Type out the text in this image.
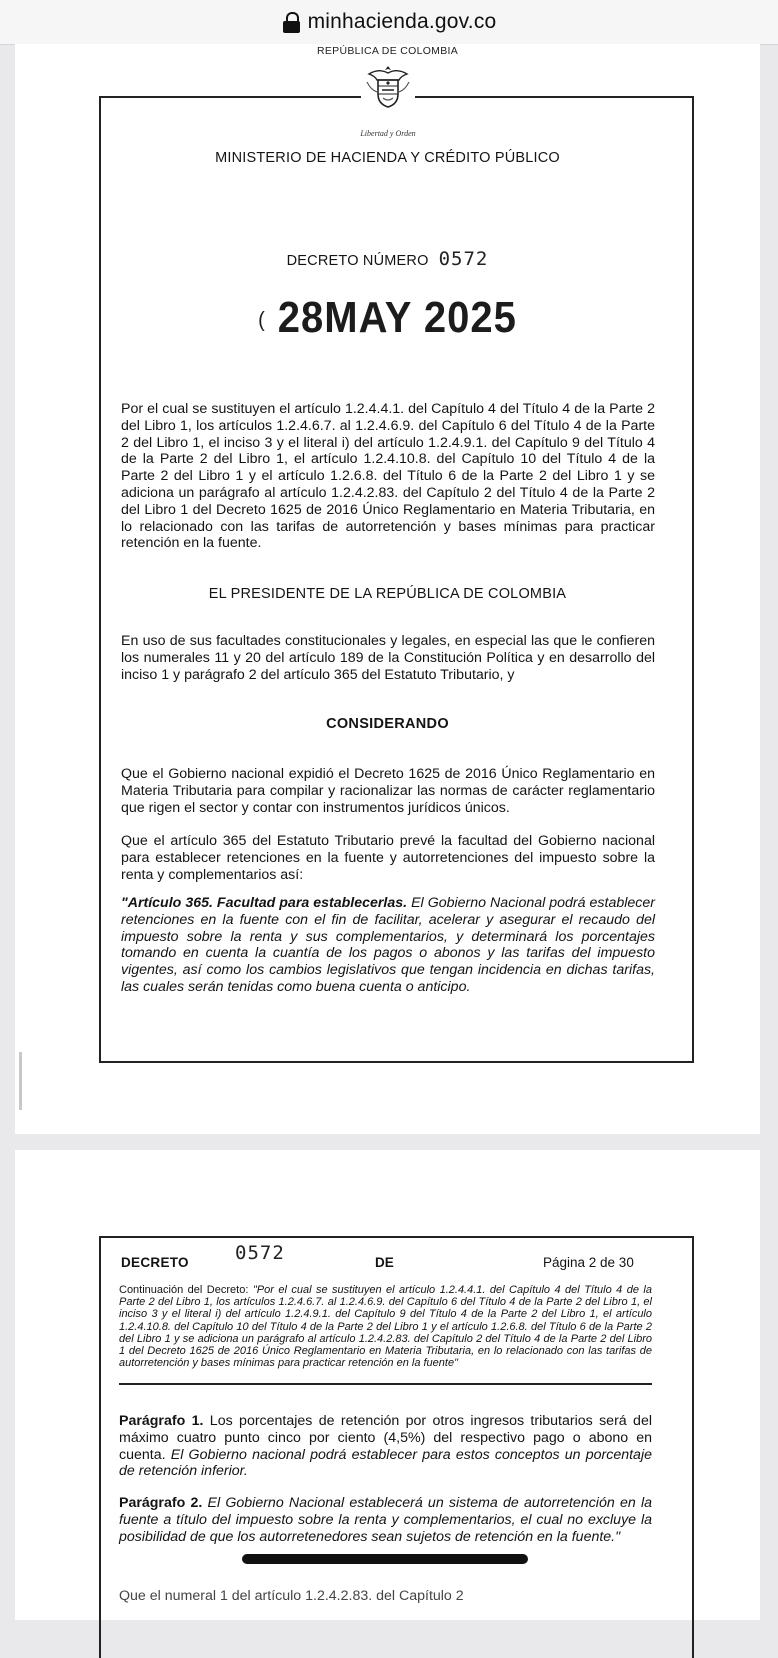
minhacienda.gov.co

REPÚBLICA DE COLOMBIA

Libertad y Orden

MINISTERIO DE HACIENDA Y CRÉDITO PÚBLICO

DECRETO NÚMERO 0572

( 28MAY 2025

Por el cual se sustituyen el artículo 1.2.4.4.1. del Capítulo 4 del Título 4 de la Parte 2 del Libro 1, los artículos 1.2.4.6.7. al 1.2.4.6.9. del Capítulo 6 del Título 4 de la Parte 2 del Libro 1, el inciso 3 y el literal i) del artículo 1.2.4.9.1. del Capítulo 9 del Título 4 de la Parte 2 del Libro 1, el artículo 1.2.4.10.8. del Capítulo 10 del Título 4 de la Parte 2 del Libro 1 y el artículo 1.2.6.8. del Título 6 de la Parte 2 del Libro 1 y se adiciona un parágrafo al artículo 1.2.4.2.83. del Capítulo 2 del Título 4 de la Parte 2 del Libro 1 del Decreto 1625 de 2016 Único Reglamentario en Materia Tributaria, en lo relacionado con las tarifas de autorretención y bases mínimas para practicar retención en la fuente.

EL PRESIDENTE DE LA REPÚBLICA DE COLOMBIA

En uso de sus facultades constitucionales y legales, en especial las que le confieren los numerales 11 y 20 del artículo 189 de la Constitución Política y en desarrollo del inciso 1 y parágrafo 2 del artículo 365 del Estatuto Tributario, y

CONSIDERANDO

Que el Gobierno nacional expidió el Decreto 1625 de 2016 Único Reglamentario en Materia Tributaria para compilar y racionalizar las normas de carácter reglamentario que rigen el sector y contar con instrumentos jurídicos únicos.

Que el artículo 365 del Estatuto Tributario prevé la facultad del Gobierno nacional para establecer retenciones en la fuente y autorretenciones del impuesto sobre la renta y complementarios así:

"Artículo 365. Facultad para establecerlas. El Gobierno Nacional podrá establecer retenciones en la fuente con el fin de facilitar, acelerar y asegurar el recaudo del impuesto sobre la renta y sus complementarios, y determinará los porcentajes tomando en cuenta la cuantía de los pagos o abonos y las tarifas del impuesto vigentes, así como los cambios legislativos que tengan incidencia en dichas tarifas, las cuales serán tenidas como buena cuenta o anticipo.

DECRETO 0572	DE	Página 2 de 30

Continuación del Decreto: "Por el cual se sustituyen el artículo 1.2.4.4.1. del Capítulo 4 del Título 4 de la Parte 2 del Libro 1, los artículos 1.2.4.6.7. al 1.2.4.6.9. del Capítulo 6 del Título 4 de la Parte 2 del Libro 1, el inciso 3 y el literal i) del artículo 1.2.4.9.1. del Capítulo 9 del Título 4 de la Parte 2 del Libro 1, el artículo 1.2.4.10.8. del Capítulo 10 del Título 4 de la Parte 2 del Libro 1 y el artículo 1.2.6.8. del Título 6 de la Parte 2 del Libro 1 y se adiciona un parágrafo al artículo 1.2.4.2.83. del Capítulo 2 del Título 4 de la Parte 2 del Libro 1 del Decreto 1625 de 2016 Único Reglamentario en Materia Tributaria, en lo relacionado con las tarifas de autorretención y bases mínimas para practicar retención en la fuente"

Parágrafo 1. Los porcentajes de retención por otros ingresos tributarios será del máximo cuatro punto cinco por ciento (4,5%) del respectivo pago o abono en cuenta. El Gobierno nacional podrá establecer para estos conceptos un porcentaje de retención inferior.

Parágrafo 2. El Gobierno Nacional establecerá un sistema de autorretención en la fuente a título del impuesto sobre la renta y complementarios, el cual no excluye la posibilidad de que los autorretenedores sean sujetos de retención en la fuente."

Que el numeral 1 del artículo 1.2.4.2.83. del Capítulo 2
